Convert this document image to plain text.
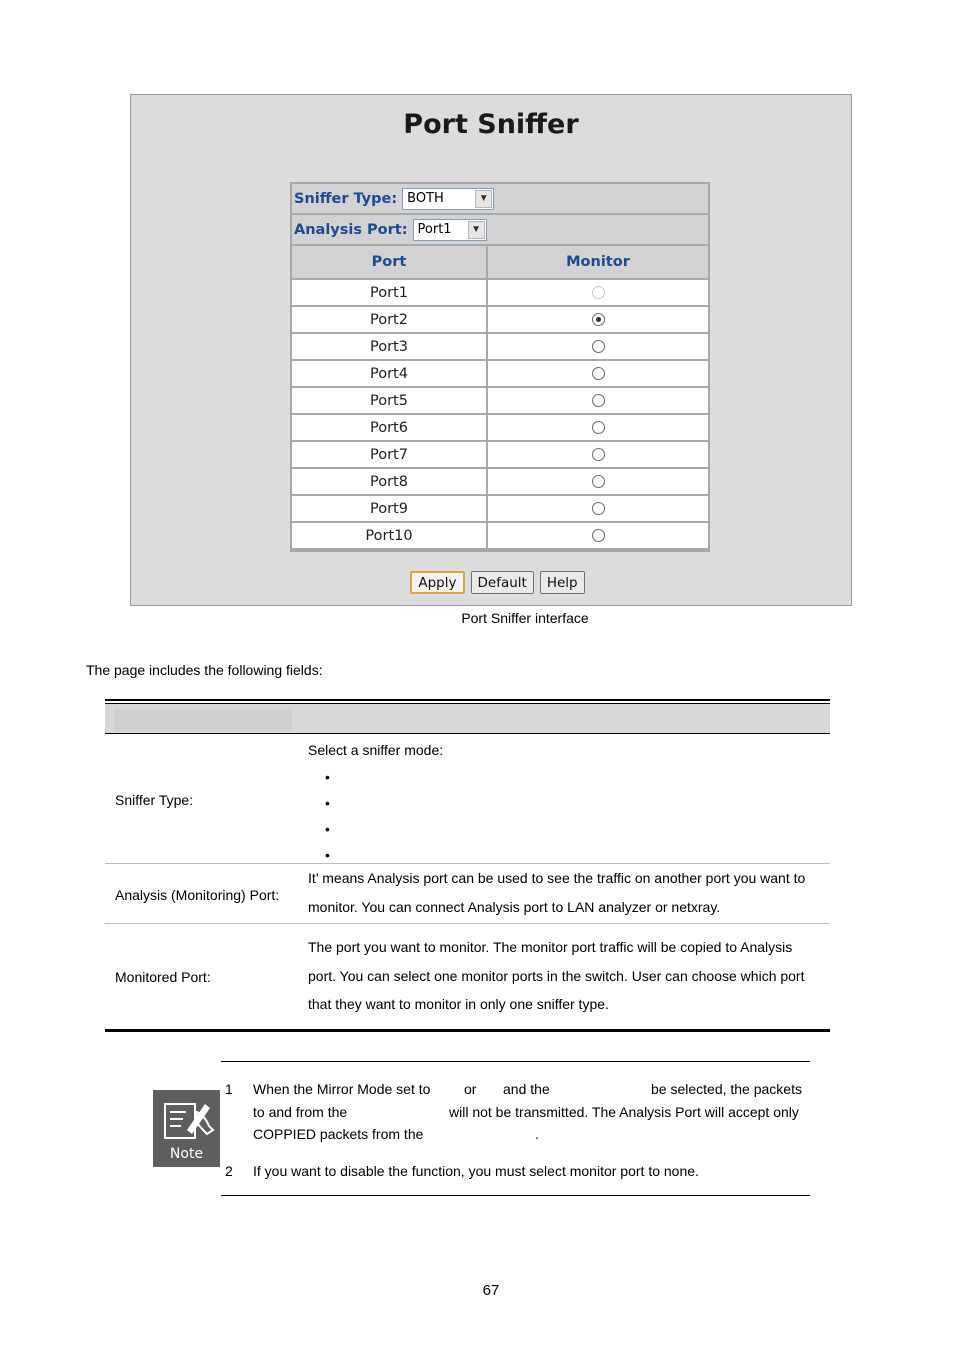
Port Sniffer
Sniffer Type: BOTH	▼
Analysis Port: Port1	▼
Port	Monitor
Port1	
Port2	
Port3	
Port4	
Port5	
Port6	
Port7	
Port8	
Port9	
Port10	
Apply	Default	Help
Port Sniffer interface
The page includes the following fields:
Sniffer Type:
Select a sniffer mode:
•
•
•
•
Analysis (Monitoring) Port:
It’ means Analysis port can be used to see the traffic on another port you want to
monitor. You can connect Analysis port to LAN analyzer or netxray.
Monitored Port:
The port you want to monitor. The monitor port traffic will be copied to Analysis
port. You can select one monitor ports in the switch. User can choose which port
that they want to monitor in only one sniffer type.
Note
1 When the Mirror Mode set to or and the	be selected, the packets
to and from the	will not be transmitted. The Analysis Port will accept only
COPPIED packets from the	.
2 If you want to disable the function, you must select monitor port to none.
67
